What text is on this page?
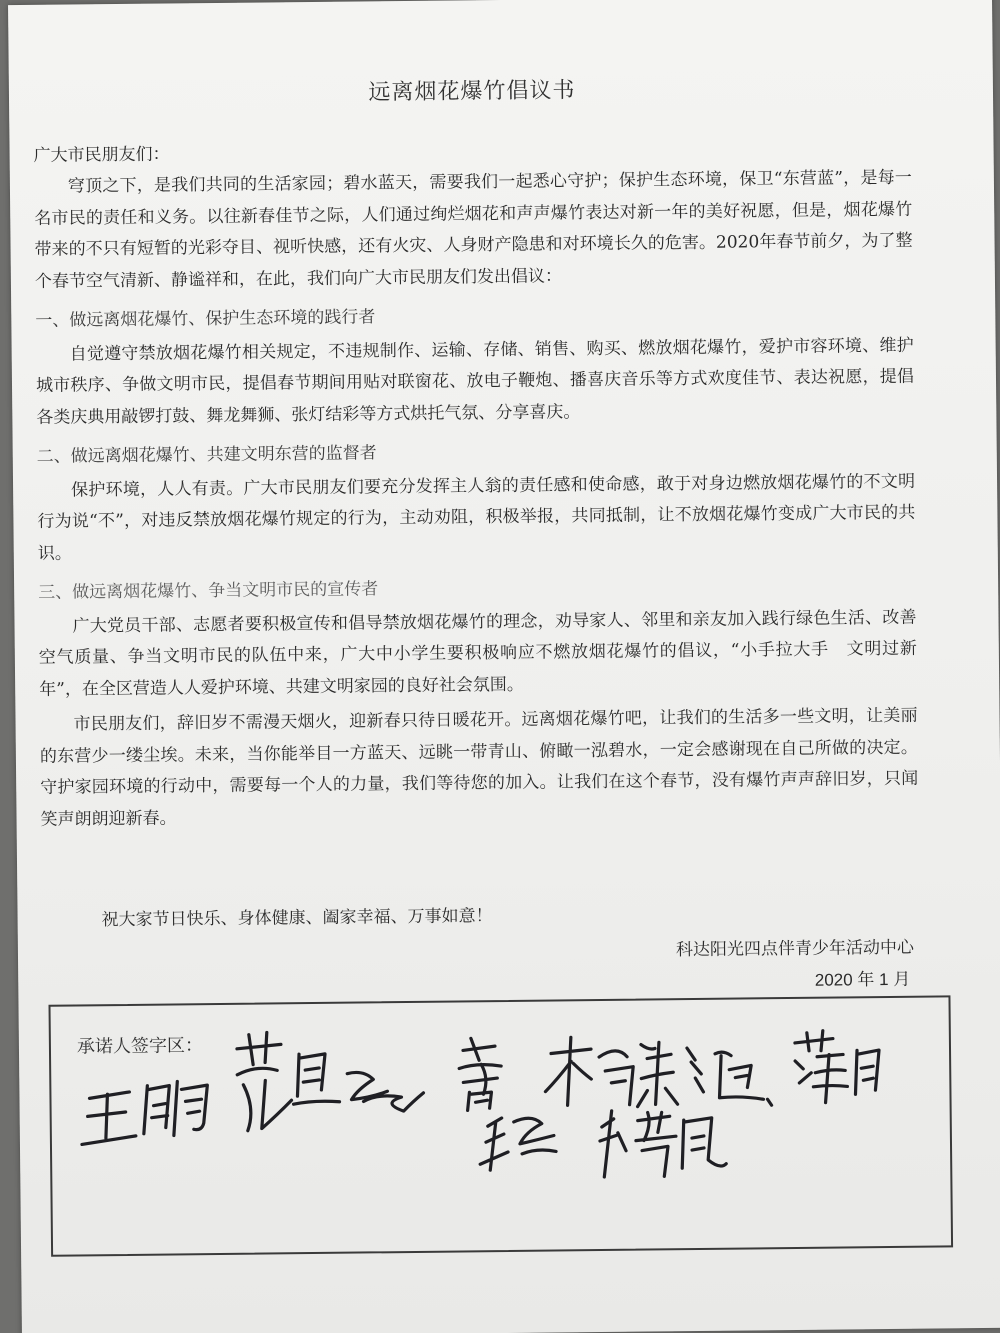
远离烟花爆竹倡议书
广大市民朋友们：

穹顶之下，是我们共同的生活家园；碧水蓝天，需要我们一起悉心守护；保护生态环境，保卫“东营蓝”，是每一名市民的责任和义务。以往新春佳节之际，人们通过绚烂烟花和声声爆竹表达对新一年的美好祝愿，但是，烟花爆竹带来的不只有短暂的光彩夺目、视听快感，还有火灾、人身财产隐患和对环境长久的危害。2020年春节前夕，为了整个春节空气清新、静谧祥和，在此，我们向广大市民朋友们发出倡议：

一、做远离烟花爆竹、保护生态环境的践行者

自觉遵守禁放烟花爆竹相关规定，不违规制作、运输、存储、销售、购买、燃放烟花爆竹，爱护市容环境、维护城市秩序、争做文明市民，提倡春节期间用贴对联窗花、放电子鞭炮、播喜庆音乐等方式欢度佳节、表达祝愿，提倡各类庆典用敲锣打鼓、舞龙舞狮、张灯结彩等方式烘托气氛、分享喜庆。

二、做远离烟花爆竹、共建文明东营的监督者

保护环境，人人有责。广大市民朋友们要充分发挥主人翁的责任感和使命感，敢于对身边燃放烟花爆竹的不文明行为说“不”，对违反禁放烟花爆竹规定的行为，主动劝阻，积极举报，共同抵制，让不放烟花爆竹变成广大市民的共识。

三、做远离烟花爆竹、争当文明市民的宣传者

广大党员干部、志愿者要积极宣传和倡导禁放烟花爆竹的理念，劝导家人、邻里和亲友加入践行绿色生活、改善空气质量、争当文明市民的队伍中来，广大中小学生要积极响应不燃放烟花爆竹的倡议，“小手拉大手　文明过新年”，在全区营造人人爱护环境、共建文明家园的良好社会氛围。

市民朋友们，辞旧岁不需漫天烟火，迎新春只待日暖花开。远离烟花爆竹吧，让我们的生活多一些文明，让美丽的东营少一缕尘埃。未来，当你能举目一方蓝天、远眺一带青山、俯瞰一泓碧水，一定会感谢现在自己所做的决定。守护家园环境的行动中，需要每一个人的力量，我们等待您的加入。让我们在这个春节，没有爆竹声声辞旧岁，只闻笑声朗朗迎新春。

祝大家节日快乐、身体健康、阖家幸福、万事如意！
科达阳光四点伴青少年活动中心
2020 年 1 月
承诺人签字区：
